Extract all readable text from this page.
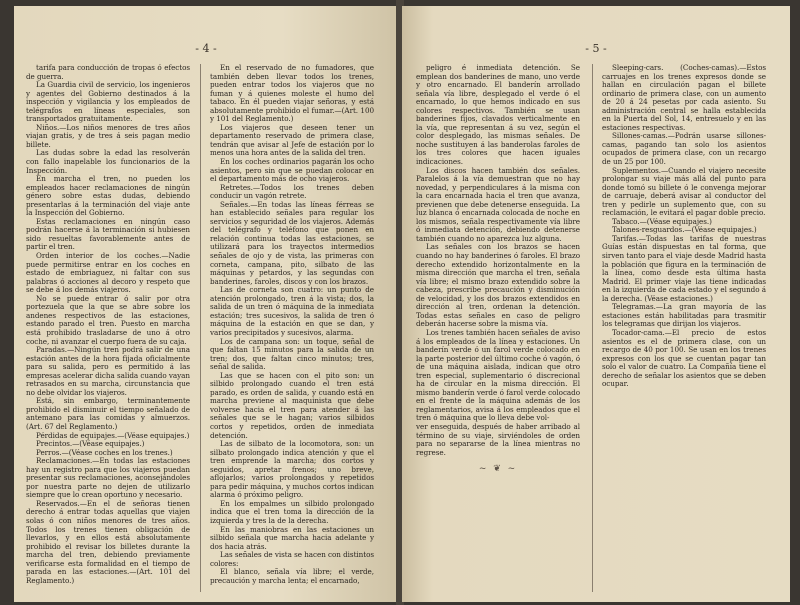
- 4 -

tarifa para conducción de tropas ó efectos de guerra.

La Guardia civil de servicio, los ingenieros y agentes del Gobierno destinados á la inspección y vigilancia y los empleados de telégrafos en líneas especiales, son transportados gratuitamente.

Niños.—Los niños menores de tres años viajan gratis, y de tres á seis pagan medio billete.

Las dudas sobre la edad las resolverán con fallo inapelable los funcionarios de la Inspección.

En marcha el tren, no pueden los empleados hacer reclamaciones de ningún género sobre estas dudas, debiendo presentarlas á la terminación del viaje ante la Inspección del Gobierno.

Estas reclamaciones en ningún caso podrán hacerse á la terminación si hubiesen sido resueltas favorablemente antes de partir el tren.

Orden interior de los coches.—Nadie puede permitirse entrar en los coches en estado de embriaguez, ni faltar con sus palabras ó acciones al decoro y respeto que se debe á los demás viajeros.

No se puede entrar ó salir por otra portezuela que la que se abre sobre los andenes respectivos de las estaciones, estando parado el tren. Puesto en marcha está prohibido trasladarse de uno á otro coche, ni avanzar el cuerpo fuera de su caja.

Paradas.—Ningún tren podrá salir de una estación antes de la hora fijada oficialmente para su salida, pero es permitido á las empresas acelerar dicha salida cuando vayan retrasados en su marcha, circunstancia que no debe olvidar los viajeros.

Está, sin embargo, terminantemente prohibido el disminuir el tiempo señalado de antemano para las comidas y almuerzos. (Art. 67 del Reglamento.)

Pérdidas de equipajes.—(Véase equipajes.)

Precintos.—(Véase equipajes.)

Perros.—(Véase coches en los trenes.)

Reclamaciones.—En todas las estaciones hay un registro para que los viajeros puedan presentar sus reclamaciones, aconsejándoles por nuestra parte no dejen de utilizarlo siempre que lo crean oportuno y necesario.

Reservados.—En el de señoras tienen derecho á entrar todas aquellas que viajen solas ó con niños menores de tres años. Todos los trenes tienen obligación de llevarlos, y en ellos está absolutamente prohibido el revisar los billetes durante la marcha del tren, debiendo previamente verificarse esta formalidad en el tiempo de parada en las estaciones.—(Art. 101 del Reglamento.)

En el reservado de no fumadores, que también deben llevar todos los trenes, pueden entrar todos los viajeros que no fuman y á quienes moleste el humo del tabaco. En él pueden viajar señoras, y está absolutamente prohibido el fumar.—(Art. 100 y 101 del Reglamento.)

Los viajeros que deseen tener un departamento reservado de primera clase, tendrán que avisar al Jefe de estación por lo menos una hora antes de la salida del tren.

En los coches ordinarios pagarán los ocho asientos, pero sin que se puedan colocar en el departamento más de ocho viajeros.

Retretes.—Todos los trenes deben conducir un vagón retrete.

Señales.—En todas las líneas férreas se han establecido señales para regular los servicios y seguridad de los viajeros. Además del telégrafo y teléfono que ponen en relación continua todas las estaciones, se utilizará para los trayectos intermedios señales de ojo y de vista, las primeras con corneta, campana, pito, silbato de las máquinas y petardos, y las segundas con banderines, faroles, discos y con los brazos.

Las de corneta son cuatro: un punto de atención prolongado, tren á la vista; dos, la salida de un tren ó máquina de la inmediata estación; tres sucesivos, la salida de tren ó máquina de la estación en que se dan, y varios precipitados y sucesivos, alarma.

Los de campana son: un toque, señal de que faltan 15 minutos para la salida de un tren; dos, que faltan cinco minutos; tres, señal de salida.

Las que se hacen con el pito son: un silbido prolongado cuando el tren está parado, es orden de salida, y cuando está en marcha previene al maquinista que debe volverse hacia el tren para atender á las señales que se le hagan; varios silbidos cortos y repetidos, orden de inmediata detención.

Las de silbato de la locomotora, son: un silbato prolongado indica atención y que el tren emprende la marcha; dos cortos y seguidos, apretar frenos; uno breve, aflojarlos; varios prolongados y repetidos para pedir máquina, y muchos cortos indican alarma ó próximo peligro.

En los empalmes un silbido prolongado indica que el tren toma la dirección de la izquierda y tres la de la derecha.

En las maniobras en las estaciones un silbido señala que marcha hacia adelante y dos hacia atrás.

Las señales de vista se hacen con distintos colores:

El blanco, señala vía libre; el verde, precaución y marcha lenta; el encarnado,

- 5 -

peligro é inmediata detención. Se emplean dos banderines de mano, uno verde y otro encarnado. El banderín arrollado señala vía libre, desplegado el verde ó el encarnado, lo que hemos indicado en sus colores respectivos. También se usan banderines fijos, clavados verticalmente en la vía, que representan á su vez, según el color desplegado, las mismas señales. De noche sustituyen á las banderolas faroles de los tres colores que hacen iguales indicaciones.

Los discos hacen también dos señales. Paralelos á la vía demuestran que no hay novedad, y perpendiculares á la misma con la cara encarnada hacia el tren que avanza, previenen que debe detenerse enseguida. La luz blanca ó encarnada colocada de noche en los mismos, señala respectivamente vía libre ó inmediata detención, debiendo detenerse también cuando no aparezca luz alguna.

Las señales con los brazos se hacen cuando no hay banderines ó faroles. El brazo derecho extendido horizontalmente en la misma dirección que marcha el tren, señala vía libre; el mismo brazo extendido sobre la cabeza, prescribe precaución y disminución de velocidad, y los dos brazos extendidos en dirección al tren, ordenan la detención. Todas estas señales en caso de peligro deberán hacerse sobre la misma vía.

Los trenes también hacen señales de aviso á los empleados de la línea y estaciones. Un banderín verde ó un farol verde colocado en la parte posterior del último coche ó vagón, ó de una máquina aislada, indican que otro tren especial, suplementario ó discrecional ha de circular en la misma dirección. El mismo banderín verde ó farol verde colocado en el frente de la máquina además de los reglamentarios, avisa á los empleados que el tren ó máquina que lo lleva debe vol-

ver enseguida, después de haber arribado al término de su viaje, sirviéndoles de orden para no separarse de la línea mientras no regrese.

~ ❦ ~

Sleeping-cars. (Coches-camas).—Estos carruajes en los trenes expresos donde se hallan en circulación pagan el billete ordinario de primera clase, con un aumento de 20 á 24 pesetas por cada asiento. Su administración central se halla establecida en la Puerta del Sol, 14, entresuelo y en las estaciones respectivas.

Sillones-camas.—Podrán usarse sillones-camas, pagando tan solo los asientos ocupados de primera clase, con un recargo de un 25 por 100.

Suplementos.—Cuando el viajero necesite prolongar su viaje más allá del punto para donde tomó su billete ó le convenga mejorar de carruaje, deberá avisar al conductor del tren y pedirle un suplemento que, con su reclamación, le evitará el pagar doble precio.

Tabaco.—(Véase equipajes.)

Talones-resguardos.—(Véase equipajes.)

Tarifas.—Todas las tarifas de nuestras Guías están dispuestas en tal forma, que sirven tanto para el viaje desde Madrid hasta la población que figura en la terminación de la línea, como desde esta última hasta Madrid. El primer viaje las tiene indicadas en la izquierda de cada estado y el segundo á la derecha. (Véase estaciones.)

Telegramas.—La gran mayoría de las estaciones están habilitadas para trasmitir los telegramas que dirijan los viajeros.

Tocador-cama.—El precio de estos asientos es el de primera clase, con un recargo de 40 por 100. Se usan en los trenes expresos con los que se cuentan pagar tan solo el valor de cuatro. La Compañía tiene el derecho de señalar los asientos que se deben ocupar.
